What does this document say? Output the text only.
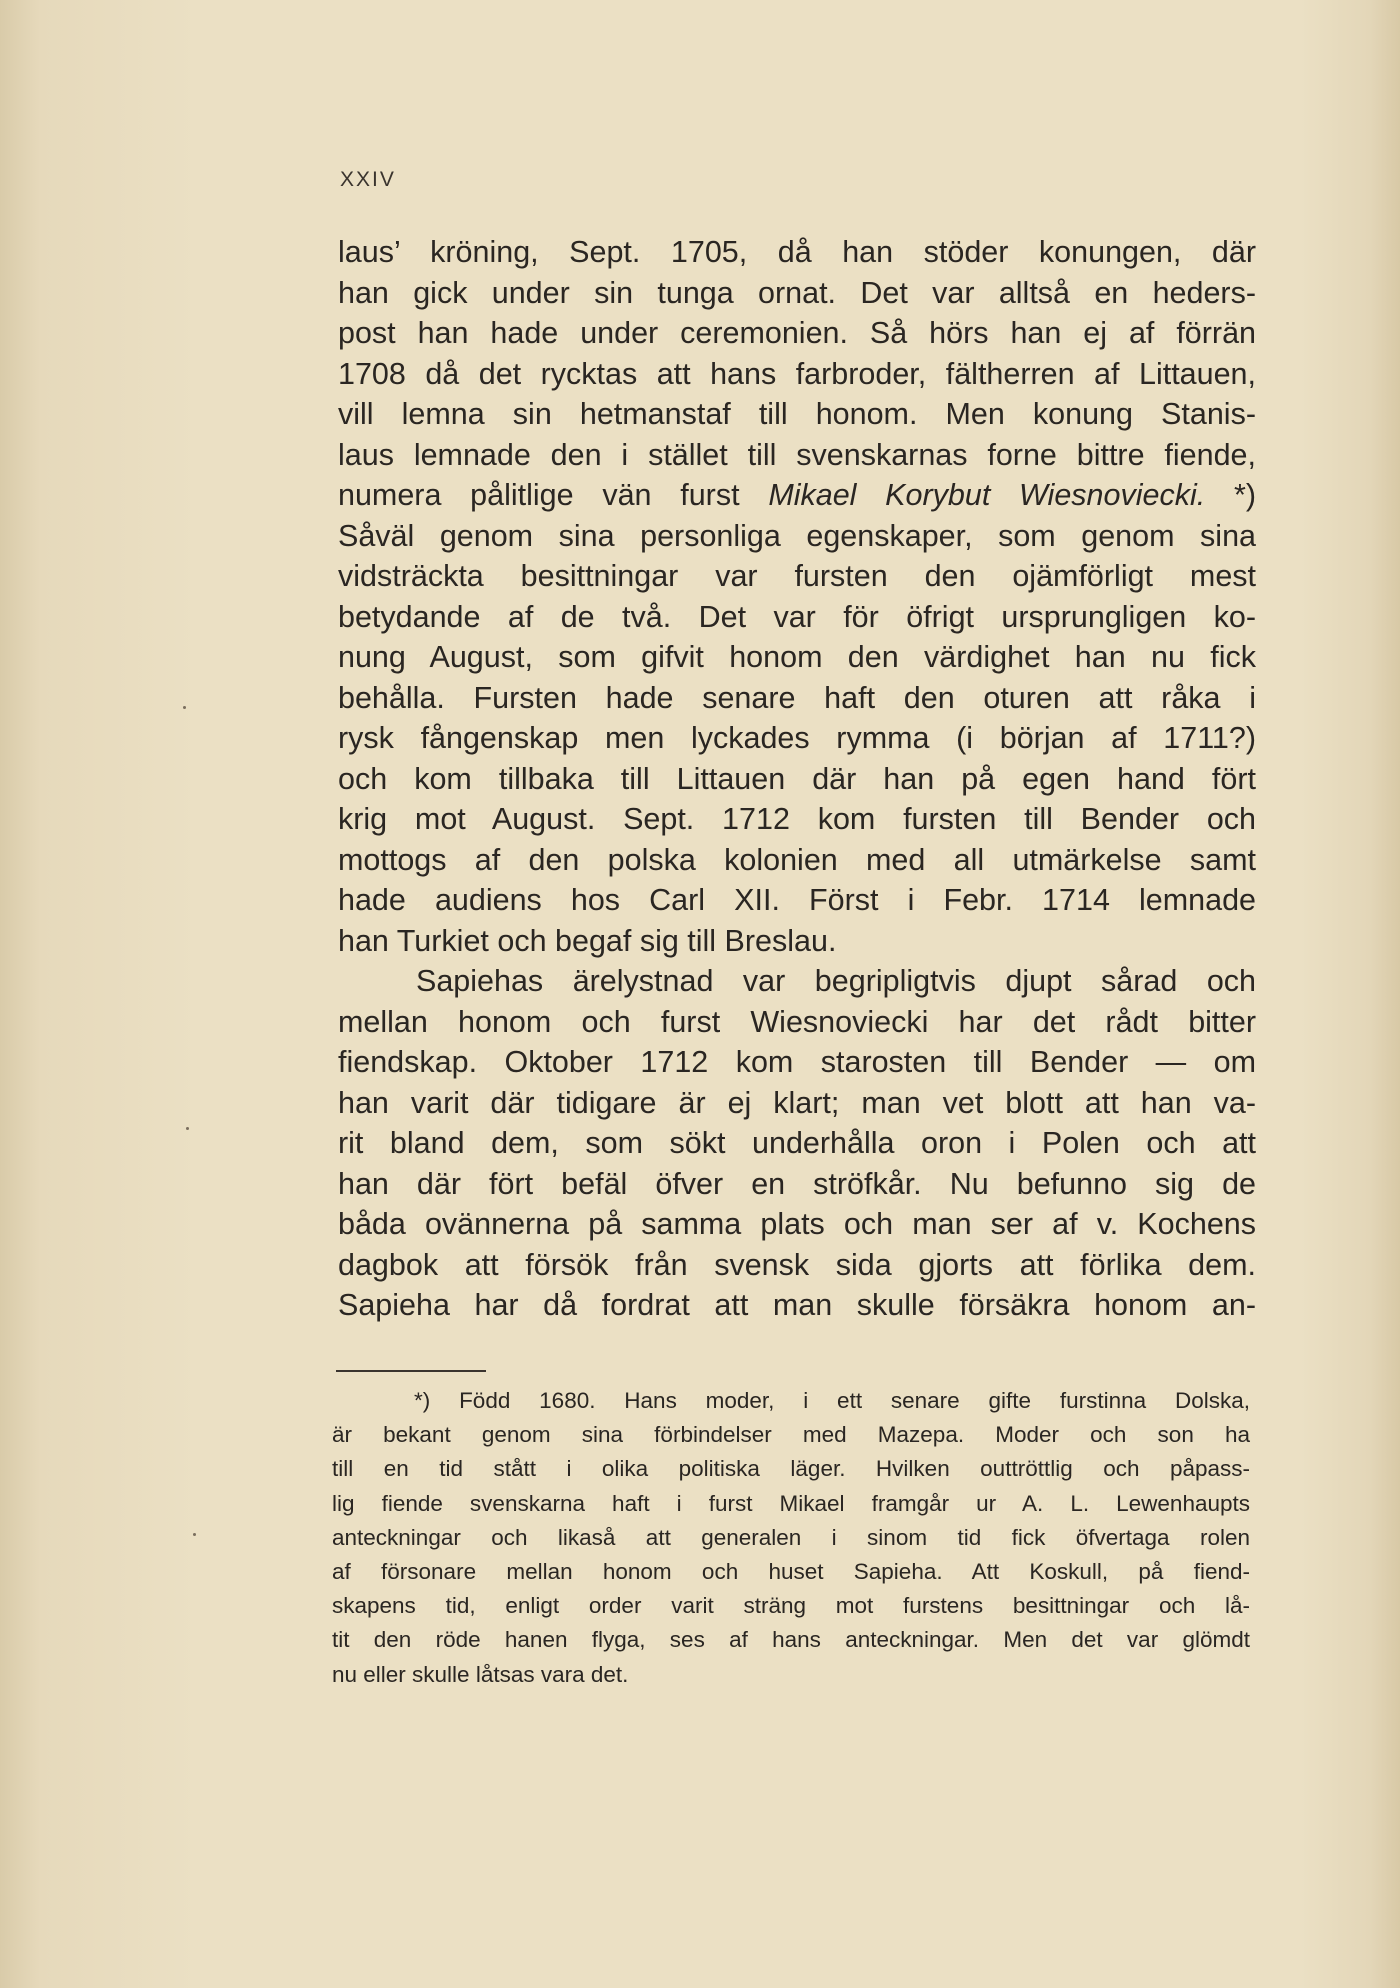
XXIV
laus’ kröning, Sept. 1705, då han stöder konungen, där
han gick under sin tunga ornat. Det var alltså en heders-
post han hade under ceremonien. Så hörs han ej af förrän
1708 då det rycktas att hans farbroder, fältherren af Littauen,
vill lemna sin hetmanstaf till honom. Men konung Stanis-
laus lemnade den i stället till svenskarnas forne bittre fiende,
numera pålitlige vän furst Mikael Korybut Wiesnoviecki. *)
Såväl genom sina personliga egenskaper, som genom sina
vidsträckta besittningar var fursten den ojämförligt mest
betydande af de två. Det var för öfrigt ursprungligen ko-
nung August, som gifvit honom den värdighet han nu fick
behålla. Fursten hade senare haft den oturen att råka i
rysk fångenskap men lyckades rymma (i början af 1711?)
och kom tillbaka till Littauen där han på egen hand fört
krig mot August. Sept. 1712 kom fursten till Bender och
mottogs af den polska kolonien med all utmärkelse samt
hade audiens hos Carl XII. Först i Febr. 1714 lemnade
han Turkiet och begaf sig till Breslau.
Sapiehas ärelystnad var begripligtvis djupt sårad och
mellan honom och furst Wiesnoviecki har det rådt bitter
fiendskap. Oktober 1712 kom starosten till Bender — om
han varit där tidigare är ej klart; man vet blott att han va-
rit bland dem, som sökt underhålla oron i Polen och att
han där fört befäl öfver en ströfkår. Nu befunno sig de
båda ovännerna på samma plats och man ser af v. Kochens
dagbok att försök från svensk sida gjorts att förlika dem.
Sapieha har då fordrat att man skulle försäkra honom an-
*) Född 1680. Hans moder, i ett senare gifte furstinna Dolska,
är bekant genom sina förbindelser med Mazepa. Moder och son ha
till en tid stått i olika politiska läger. Hvilken outtröttlig och påpass-
lig fiende svenskarna haft i furst Mikael framgår ur A. L. Lewenhaupts
anteckningar och likaså att generalen i sinom tid fick öfvertaga rolen
af försonare mellan honom och huset Sapieha. Att Koskull, på fiend-
skapens tid, enligt order varit sträng mot furstens besittningar och lå-
tit den röde hanen flyga, ses af hans anteckningar. Men det var glömdt
nu eller skulle låtsas vara det.
